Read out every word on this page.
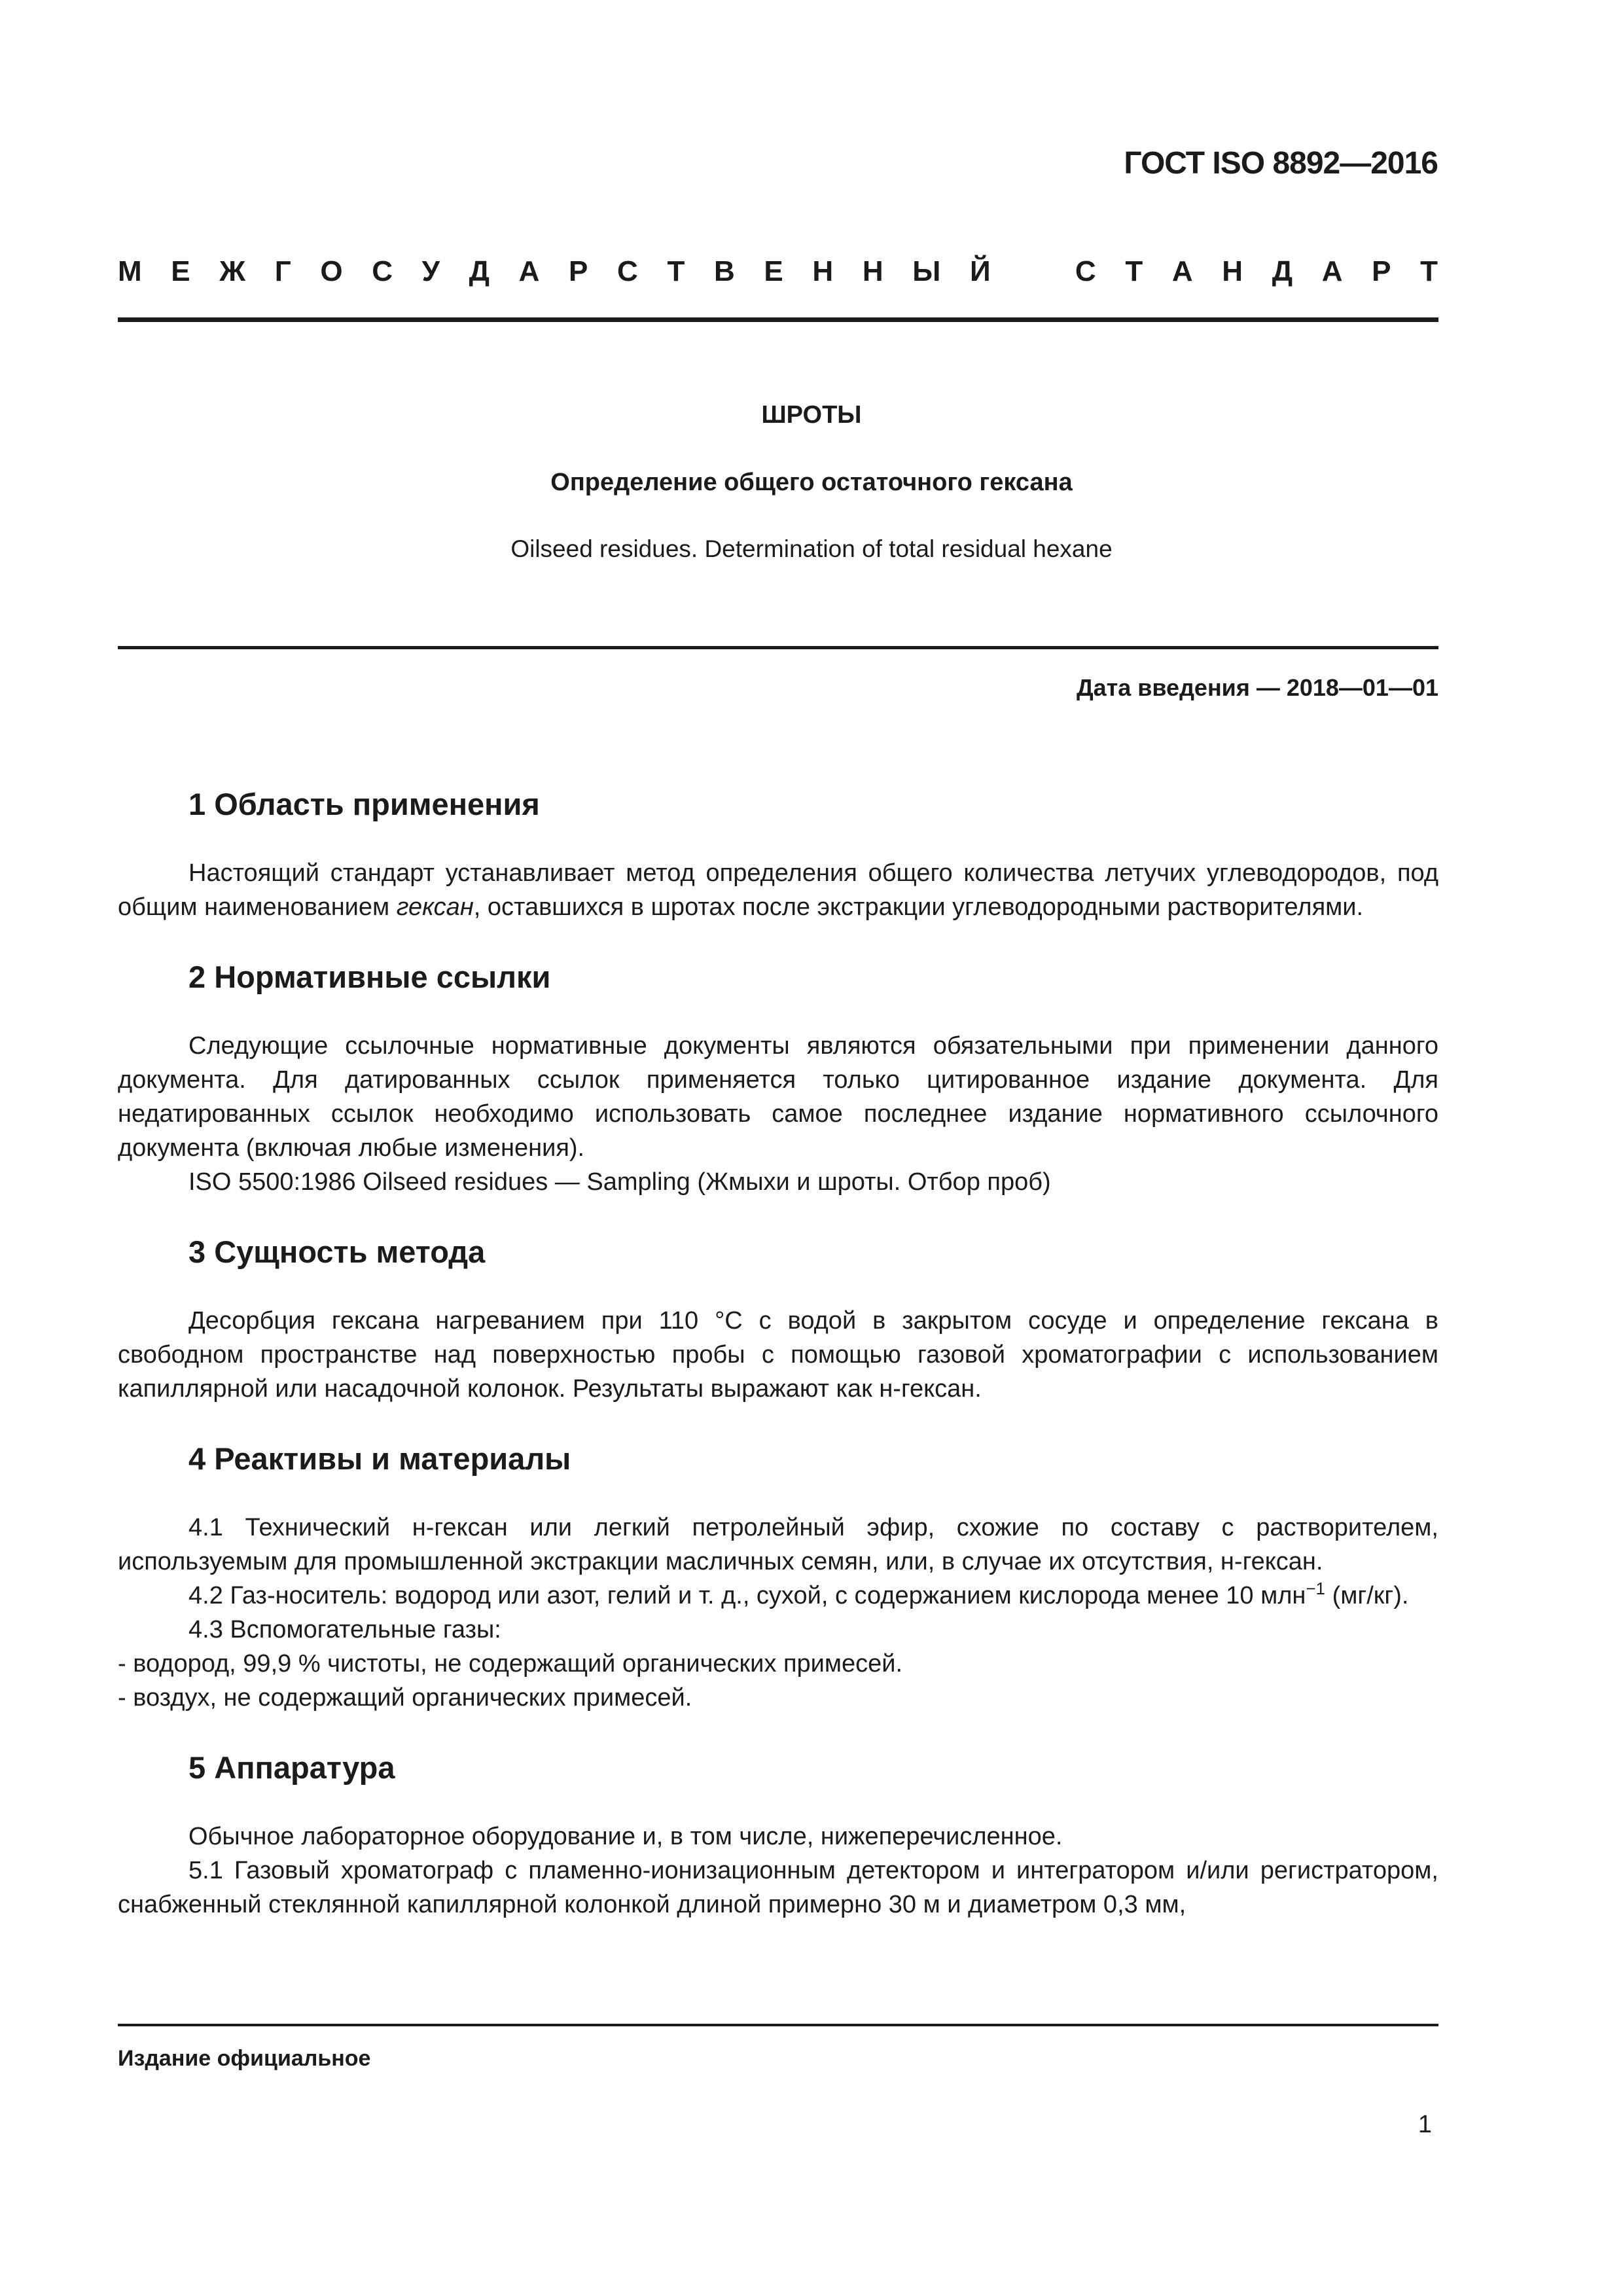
ГОСТ ISO 8892—2016
М Е Ж Г О С У Д А Р С Т В Е Н Н Ы Й	С Т А Н Д А Р Т
ШРОТЫ
Определение общего остаточного гексана
Oilseed residues. Determination of total residual hexane
Дата введения — 2018—01—01
1 Область применения

Настоящий стандарт устанавливает метод определения общего количества летучих углеводородов, под общим наименованием гексан, оставшихся в шротах после экстракции углеводородными растворителями.

2 Нормативные ссылки

Следующие ссылочные нормативные документы являются обязательными при применении данного документа. Для датированных ссылок применяется только цитированное издание документа. Для недатированных ссылок необходимо использовать самое последнее издание нормативного ссылочного документа (включая любые изменения).

ISO 5500:1986 Oilseed residues — Sampling (Жмыхи и шроты. Отбор проб)

3 Сущность метода

Десорбция гексана нагреванием при 110 °С с водой в закрытом сосуде и определение гексана в свободном пространстве над поверхностью пробы с помощью газовой хроматографии с использованием капиллярной или насадочной колонок. Результаты выражают как н-гексан.

4 Реактивы и материалы

4.1 Технический н-гексан или легкий петролейный эфир, схожие по составу с растворителем, используемым для промышленной экстракции масличных семян, или, в случае их отсутствия, н-гексан.

4.2 Газ-носитель: водород или азот, гелий и т. д., сухой, с содержанием кислорода менее 10 млн$^{-1}$ (мг/кг).

4.3 Вспомогательные газы:

- водород, 99,9 % чистоты, не содержащий органических примесей.

- воздух, не содержащий органических примесей.

5 Аппаратура

Обычное лабораторное оборудование и, в том числе, нижеперечисленное.

5.1 Газовый хроматограф с пламенно-ионизационным детектором и интегратором и/или регистратором, снабженный стеклянной капиллярной колонкой длиной примерно 30 м и диаметром 0,3 мм,

Издание официальное
1
